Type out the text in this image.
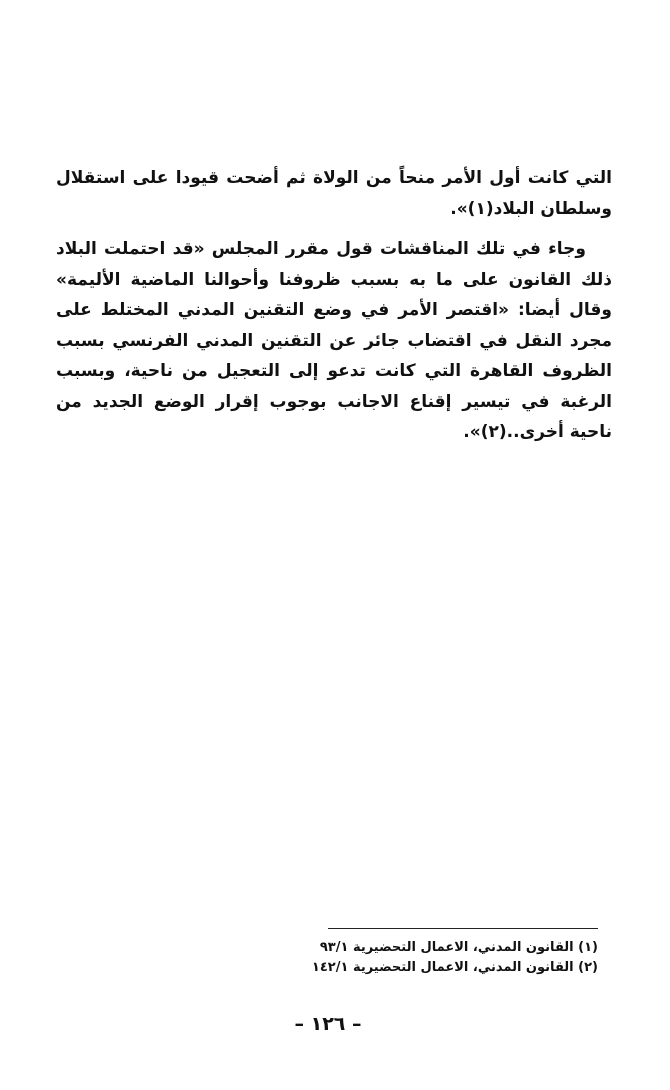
التي كانت أول الأمر منحاً من الولاة ثم أضحت قيودا على استقلال وسلطان البلاد(١)».

وجاء في تلك المناقشات قول مقرر المجلس «قد احتملت البلاد ذلك القانون على ما به بسبب ظروفنا وأحوالنا الماضية الأليمة» وقال أيضا: «اقتصر الأمر في وضع التقنين المدني المختلط على مجرد النقل في اقتضاب جائر عن التقنين المدني الفرنسي بسبب الظروف القاهرة التي كانت تدعو إلى التعجيل من ناحية، وبسبب الرغبة في تيسير إقناع الاجانب بوجوب إقرار الوضع الجديد من ناحية أخرى..(٢)».

(١) القانون المدني، الاعمال التحضيرية ٩٣/١

(٢) القانون المدني، الاعمال التحضيرية ١٤٢/١

– ١٢٦ –
